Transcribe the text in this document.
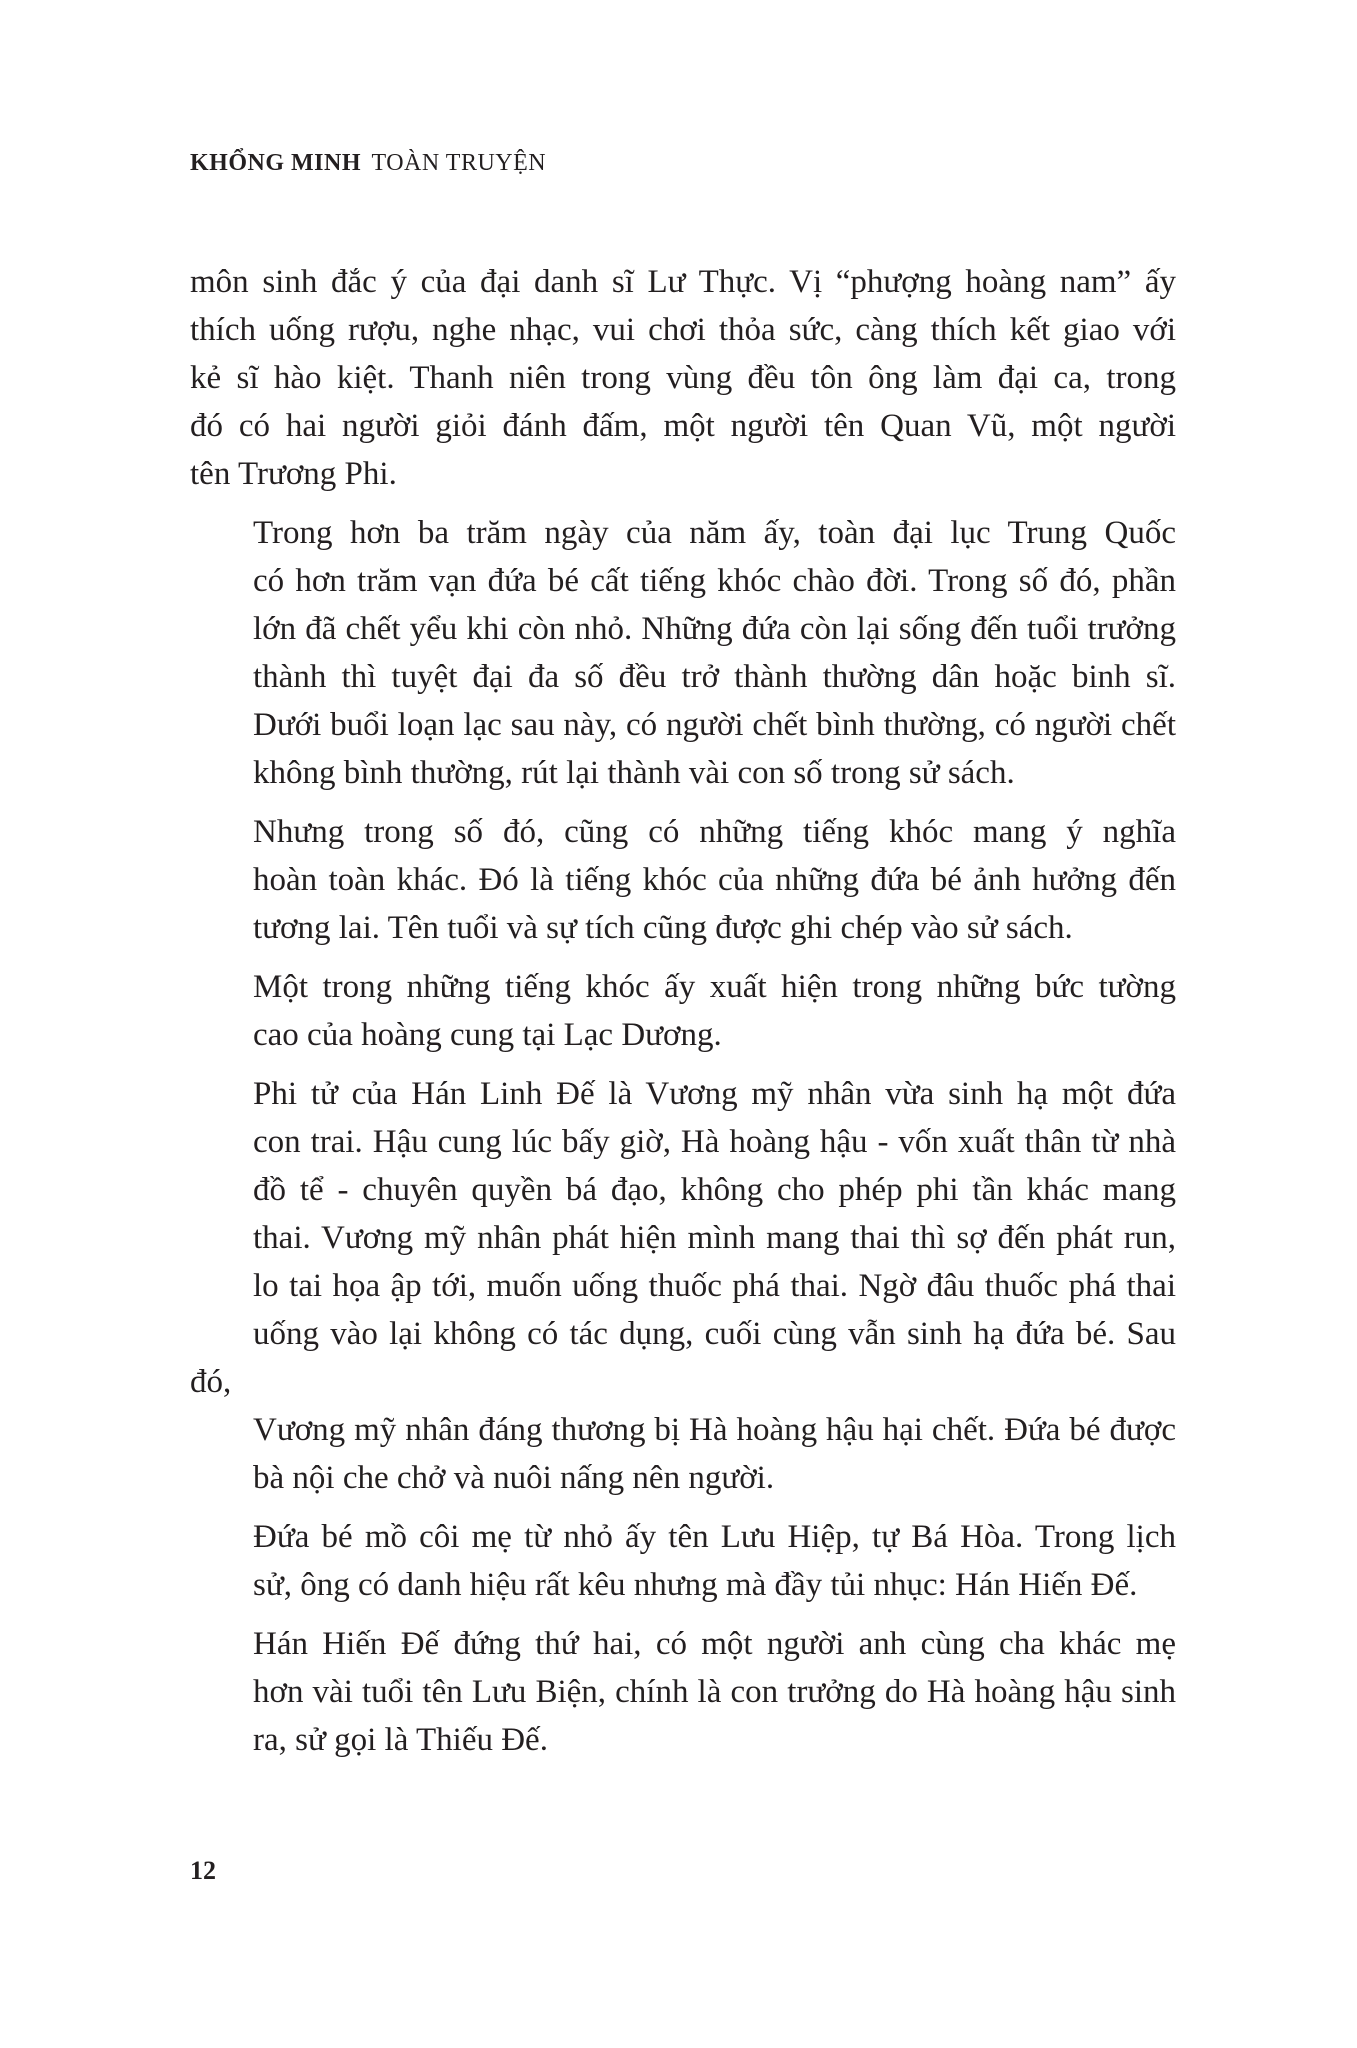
KHỔNG MINH TOÀN TRUYỆN

môn sinh đắc ý của đại danh sĩ Lư Thực. Vị “phượng hoàng nam” ấy
thích uống rượu, nghe nhạc, vui chơi thỏa sức, càng thích kết giao với
kẻ sĩ hào kiệt. Thanh niên trong vùng đều tôn ông làm đại ca, trong
đó có hai người giỏi đánh đấm, một người tên Quan Vũ, một người
tên Trương Phi.

Trong hơn ba trăm ngày của năm ấy, toàn đại lục Trung Quốc
có hơn trăm vạn đứa bé cất tiếng khóc chào đời. Trong số đó, phần
lớn đã chết yểu khi còn nhỏ. Những đứa còn lại sống đến tuổi trưởng
thành thì tuyệt đại đa số đều trở thành thường dân hoặc binh sĩ.
Dưới buổi loạn lạc sau này, có người chết bình thường, có người chết
không bình thường, rút lại thành vài con số trong sử sách.

Nhưng trong số đó, cũng có những tiếng khóc mang ý nghĩa
hoàn toàn khác. Đó là tiếng khóc của những đứa bé ảnh hưởng đến
tương lai. Tên tuổi và sự tích cũng được ghi chép vào sử sách.

Một trong những tiếng khóc ấy xuất hiện trong những bức tường
cao của hoàng cung tại Lạc Dương.

Phi tử của Hán Linh Đế là Vương mỹ nhân vừa sinh hạ một đứa
con trai. Hậu cung lúc bấy giờ, Hà hoàng hậu - vốn xuất thân từ nhà
đồ tể - chuyên quyền bá đạo, không cho phép phi tần khác mang
thai. Vương mỹ nhân phát hiện mình mang thai thì sợ đến phát run,
lo tai họa ập tới, muốn uống thuốc phá thai. Ngờ đâu thuốc phá thai
uống vào lại không có tác dụng, cuối cùng vẫn sinh hạ đứa bé. Sau đó,
Vương mỹ nhân đáng thương bị Hà hoàng hậu hại chết. Đứa bé được
bà nội che chở và nuôi nấng nên người.

Đứa bé mồ côi mẹ từ nhỏ ấy tên Lưu Hiệp, tự Bá Hòa. Trong lịch
sử, ông có danh hiệu rất kêu nhưng mà đầy tủi nhục: Hán Hiến Đế.

Hán Hiến Đế đứng thứ hai, có một người anh cùng cha khác mẹ
hơn vài tuổi tên Lưu Biện, chính là con trưởng do Hà hoàng hậu sinh
ra, sử gọi là Thiếu Đế.

12
